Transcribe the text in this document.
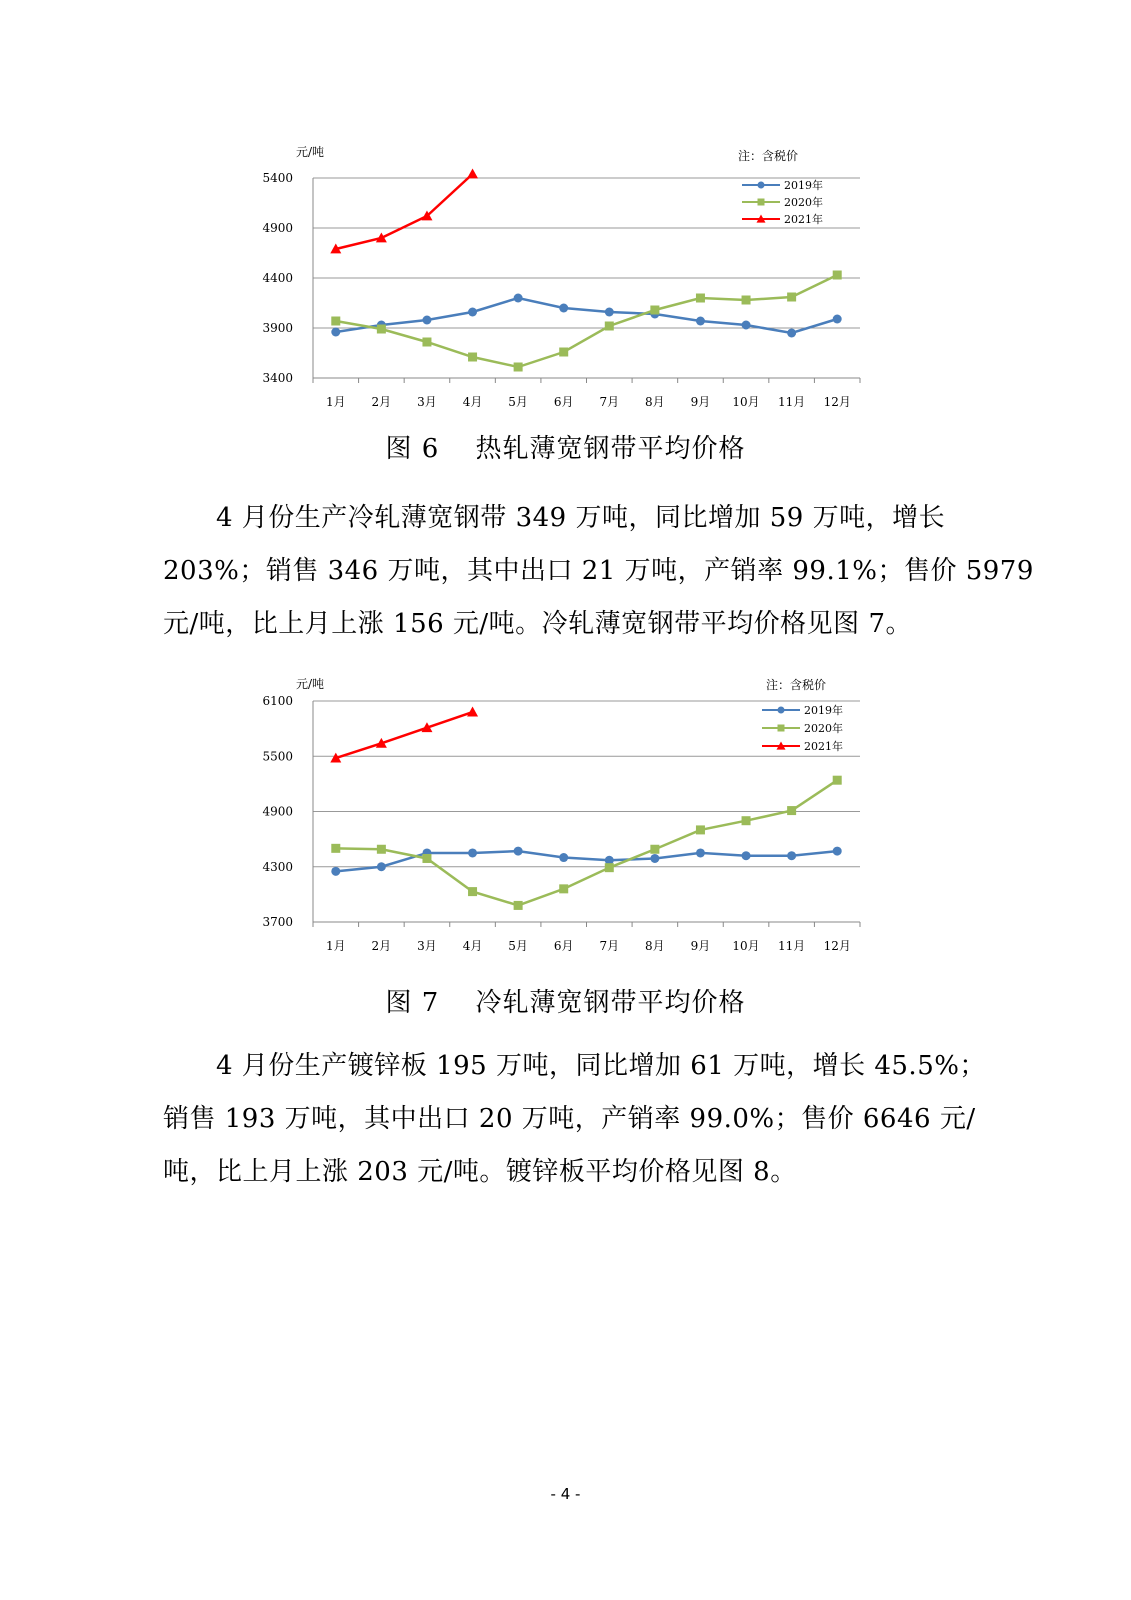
3400
3900
4400
4900
5400
1月 2月 3月 4月 5月 6月 7月 8月 9月 10月 11月 12月
元/吨	注：含税价
2019年
2020年
2021年
图 6　 热轧薄宽钢带平均价格

　　4 月份生产冷轧薄宽钢带 349 万吨，同比增加 59 万吨，增长

203%；销售 346 万吨，其中出口 21 万吨，产销率 99.1%；售价 5979

元/吨，比上月上涨 156 元/吨。冷轧薄宽钢带平均价格见图 7。

3700
4300
4900
5500
6100
1月 2月 3月 4月 5月 6月 7月 8月 9月 10月 11月 12月
元/吨	注：含税价
2019年
2020年
2021年
图 7　 冷轧薄宽钢带平均价格

　　4 月份生产镀锌板 195 万吨，同比增加 61 万吨，增长 45.5%；

销售 193 万吨，其中出口 20 万吨，产销率 99.0%；售价 6646 元/

吨，比上月上涨 203 元/吨。镀锌板平均价格见图 8。

- 4 -
